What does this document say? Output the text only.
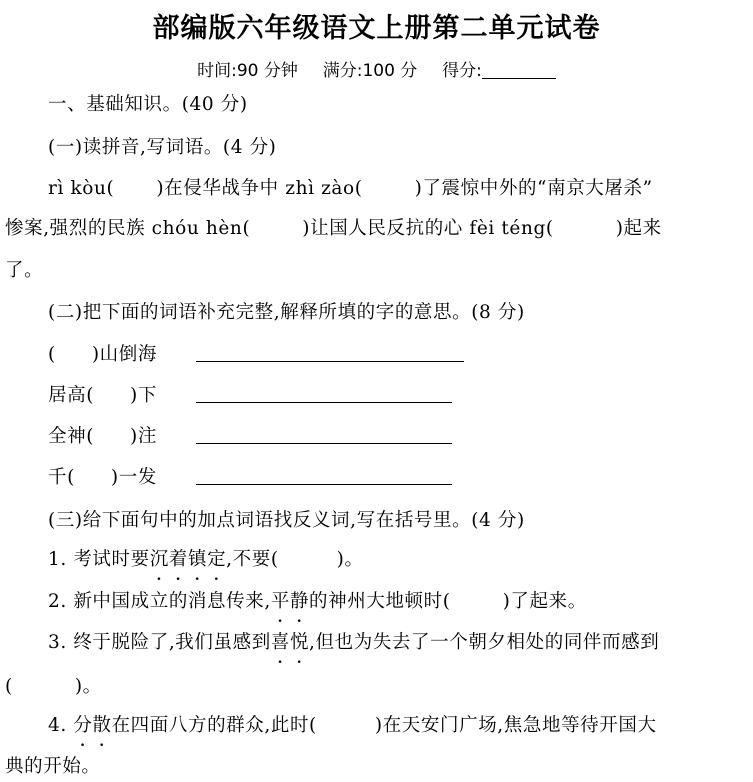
部编版六年级语文上册第二单元试卷
时间:90 分钟 满分:100 分 得分:
一、基础知识。(40 分)
(一)读拼音,写词语。(4 分)
rì kòu( )在侵华战争中 zhì zào(	)了震惊中外的“南京大屠杀”
惨案,强烈的民族 chóu hèn(	)让国人民反抗的心 fèi téng(	)起来
了。
(二)把下面的词语补充完整,解释所填的字的意思。(8 分)
( )山倒海
居高( )下
全神( )注
千( )一发
(三)给下面句中的加点词语找反义词,写在括号里。(4 分)
1. 考试时要沉着镇定,不要(	)。
2. 新中国成立的消息传来,平静的神州大地顿时(	)了起来。
3. 终于脱险了,我们虽感到喜悦,但也为失去了一个朝夕相处的同伴而感到
(	)。
4. 分散在四面八方的群众,此时(	)在天安门广场,焦急地等待开国大
典的开始。
